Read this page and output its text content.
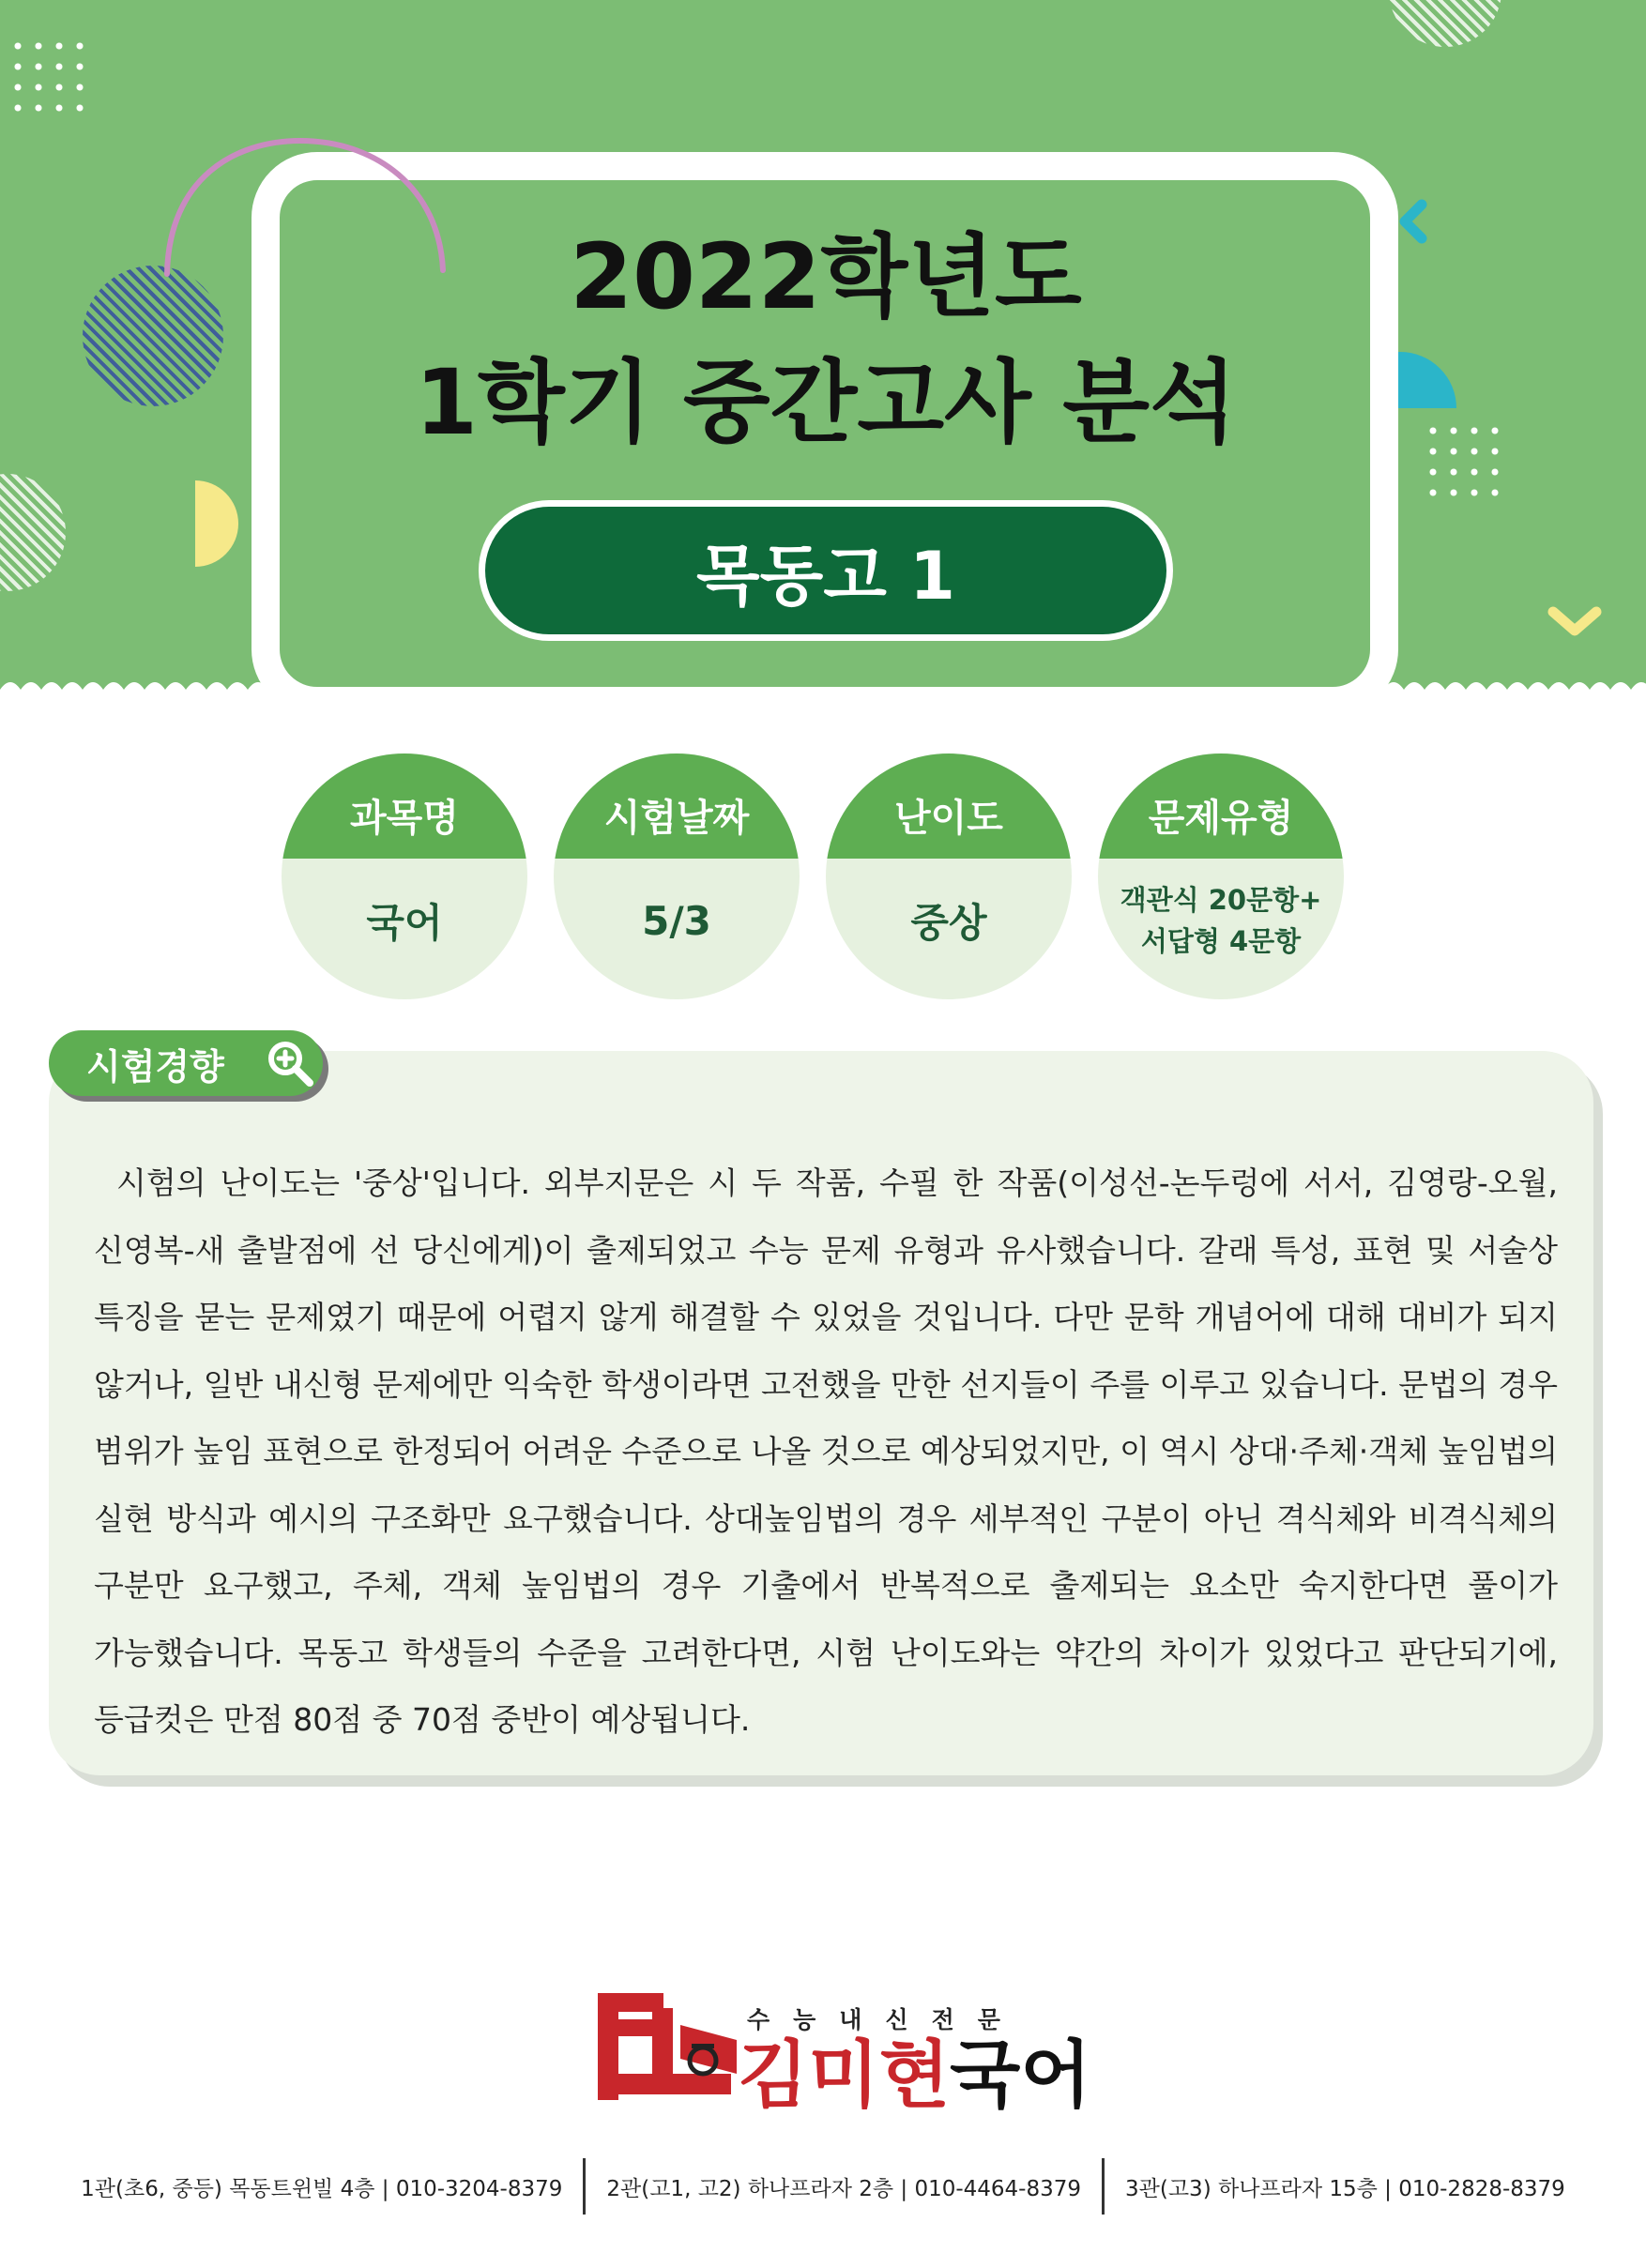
2022학년도
1학기 중간고사 분석
목동고 1
과목명
국어
시험날짜
5/3
난이도
중상
문제유형
객관식 20문항+
서답형 4문항
시험경향

시험의 난이도는 '중상'입니다. 외부지문은 시 두 작품, 수필 한 작품(이성선-논두렁에 서서, 김영랑-오월, 신영복-새 출발점에 선 당신에게)이 출제되었고 수능 문제 유형과 유사했습니다. 갈래 특성, 표현 및 서술상 특징을 묻는 문제였기 때문에 어렵지 않게 해결할 수 있었을 것입니다. 다만 문학 개념어에 대해 대비가 되지 않거나, 일반 내신형 문제에만 익숙한 학생이라면 고전했을 만한 선지들이 주를 이루고 있습니다. 문법의 경우 범위가 높임 표현으로 한정되어 어려운 수준으로 나올 것으로 예상되었지만, 이 역시 상대·주체·객체 높임법의 실현 방식과 예시의 구조화만 요구했습니다. 상대높임법의 경우 세부적인 구분이 아닌 격식체와 비격식체의 구분만 요구했고, 주체, 객체 높임법의 경우 기출에서 반복적으로 출제되는 요소만 숙지한다면 풀이가 가능했습니다. 목동고 학생들의 수준을 고려한다면, 시험 난이도와는 약간의 차이가 있었다고 판단되기에, 등급컷은 만점 80점 중 70점 중반이 예상됩니다.

수능내신전문
김미현국어
1관(초6, 중등) 목동트윈빌 4층 | 010-3204-8379	2관(고1, 고2) 하나프라자 2층 | 010-4464-8379	3관(고3) 하나프라자 15층 | 010-2828-8379
